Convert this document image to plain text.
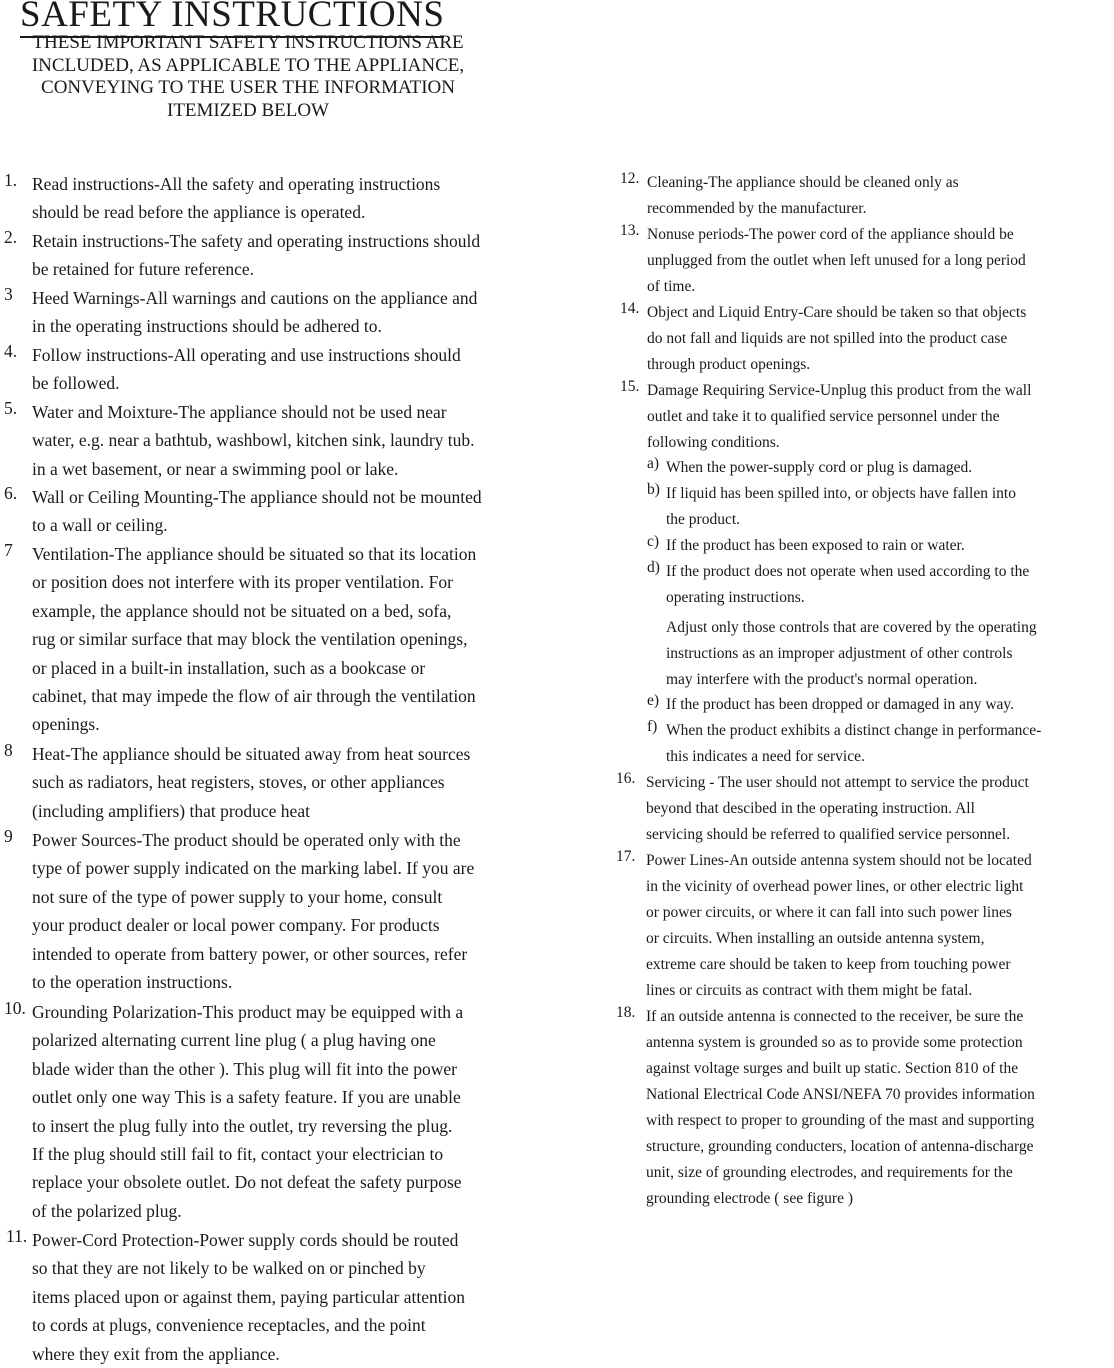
SAFETY INSTRUCTIONS
THESE IMPORTANT SAFETY INSTRUCTIONS ARE
INCLUDED, AS APPLICABLE TO THE APPLIANCE,
CONVEYING TO THE USER THE INFORMATION
ITEMIZED BELOW
1. Read instructions-All the safety and operating instructions
should be read before the appliance is operated.
2. Retain instructions-The safety and operating instructions should
be retained for future reference.
3 Heed Warnings-All warnings and cautions on the appliance and
in the operating instructions should be adhered to.
4. Follow instructions-All operating and use instructions should
be followed.
5. Water and Moixture-The appliance should not be used near
water, e.g. near a bathtub, washbowl, kitchen sink, laundry tub.
in a wet basement, or near a swimming pool or lake.
6. Wall or Ceiling Mounting-The appliance should not be mounted
to a wall or ceiling.
7 Ventilation-The appliance should be situated so that its location
or position does not interfere with its proper ventilation. For
example, the applance should not be situated on a bed, sofa,
rug or similar surface that may block the ventilation openings,
or placed in a built-in installation, such as a bookcase or
cabinet, that may impede the flow of air through the ventilation
openings.
8 Heat-The appliance should be situated away from heat sources
such as radiators, heat registers, stoves, or other appliances
(including amplifiers) that produce heat
9 Power Sources-The product should be operated only with the
type of power supply indicated on the marking label. If you are
not sure of the type of power supply to your home, consult
your product dealer or local power company. For products
intended to operate from battery power, or other sources, refer
to the operation instructions.
10. Grounding Polarization-This product may be equipped with a
polarized alternating current line plug ( a plug having one
blade wider than the other ). This plug will fit into the power
outlet only one way This is a safety feature. If you are unable
to insert the plug fully into the outlet, try reversing the plug.
If the plug should still fail to fit, contact your electrician to
replace your obsolete outlet. Do not defeat the safety purpose
of the polarized plug.
11. Power-Cord Protection-Power supply cords should be routed
so that they are not likely to be walked on or pinched by
items placed upon or against them, paying particular attention
to cords at plugs, convenience receptacles, and the point
where they exit from the appliance.
12. Cleaning-The appliance should be cleaned only as
recommended by the manufacturer.
13. Nonuse periods-The power cord of the appliance should be
unplugged from the outlet when left unused for a long period
of time.
14. Object and Liquid Entry-Care should be taken so that objects
do not fall and liquids are not spilled into the product case
through product openings.
15. Damage Requiring Service-Unplug this product from the wall
outlet and take it to qualified service personnel under the
following conditions.
a) When the power-supply cord or plug is damaged.
b) If liquid has been spilled into, or objects have fallen into
the product.
c) If the product has been exposed to rain or water.
d) If the product does not operate when used according to the
operating instructions.
Adjust only those controls that are covered by the operating
instructions as an improper adjustment of other controls
may interfere with the product's normal operation.
e) If the product has been dropped or damaged in any way.
f) When the product exhibits a distinct change in performance-
this indicates a need for service.
16. Servicing - The user should not attempt to service the product
beyond that descibed in the operating instruction. All
servicing should be referred to qualified service personnel.
17. Power Lines-An outside antenna system should not be located
in the vicinity of overhead power lines, or other electric light
or power circuits, or where it can fall into such power lines
or circuits. When installing an outside antenna system,
extreme care should be taken to keep from touching power
lines or circuits as contract with them might be fatal.
18. If an outside antenna is connected to the receiver, be sure the
antenna system is grounded so as to provide some protection
against voltage surges and built up static. Section 810 of the
National Electrical Code ANSI/NEFA 70 provides information
with respect to proper to grounding of the mast and supporting
structure, grounding conducters, location of antenna-discharge
unit, size of grounding electrodes, and requirements for the
grounding electrode ( see figure )
